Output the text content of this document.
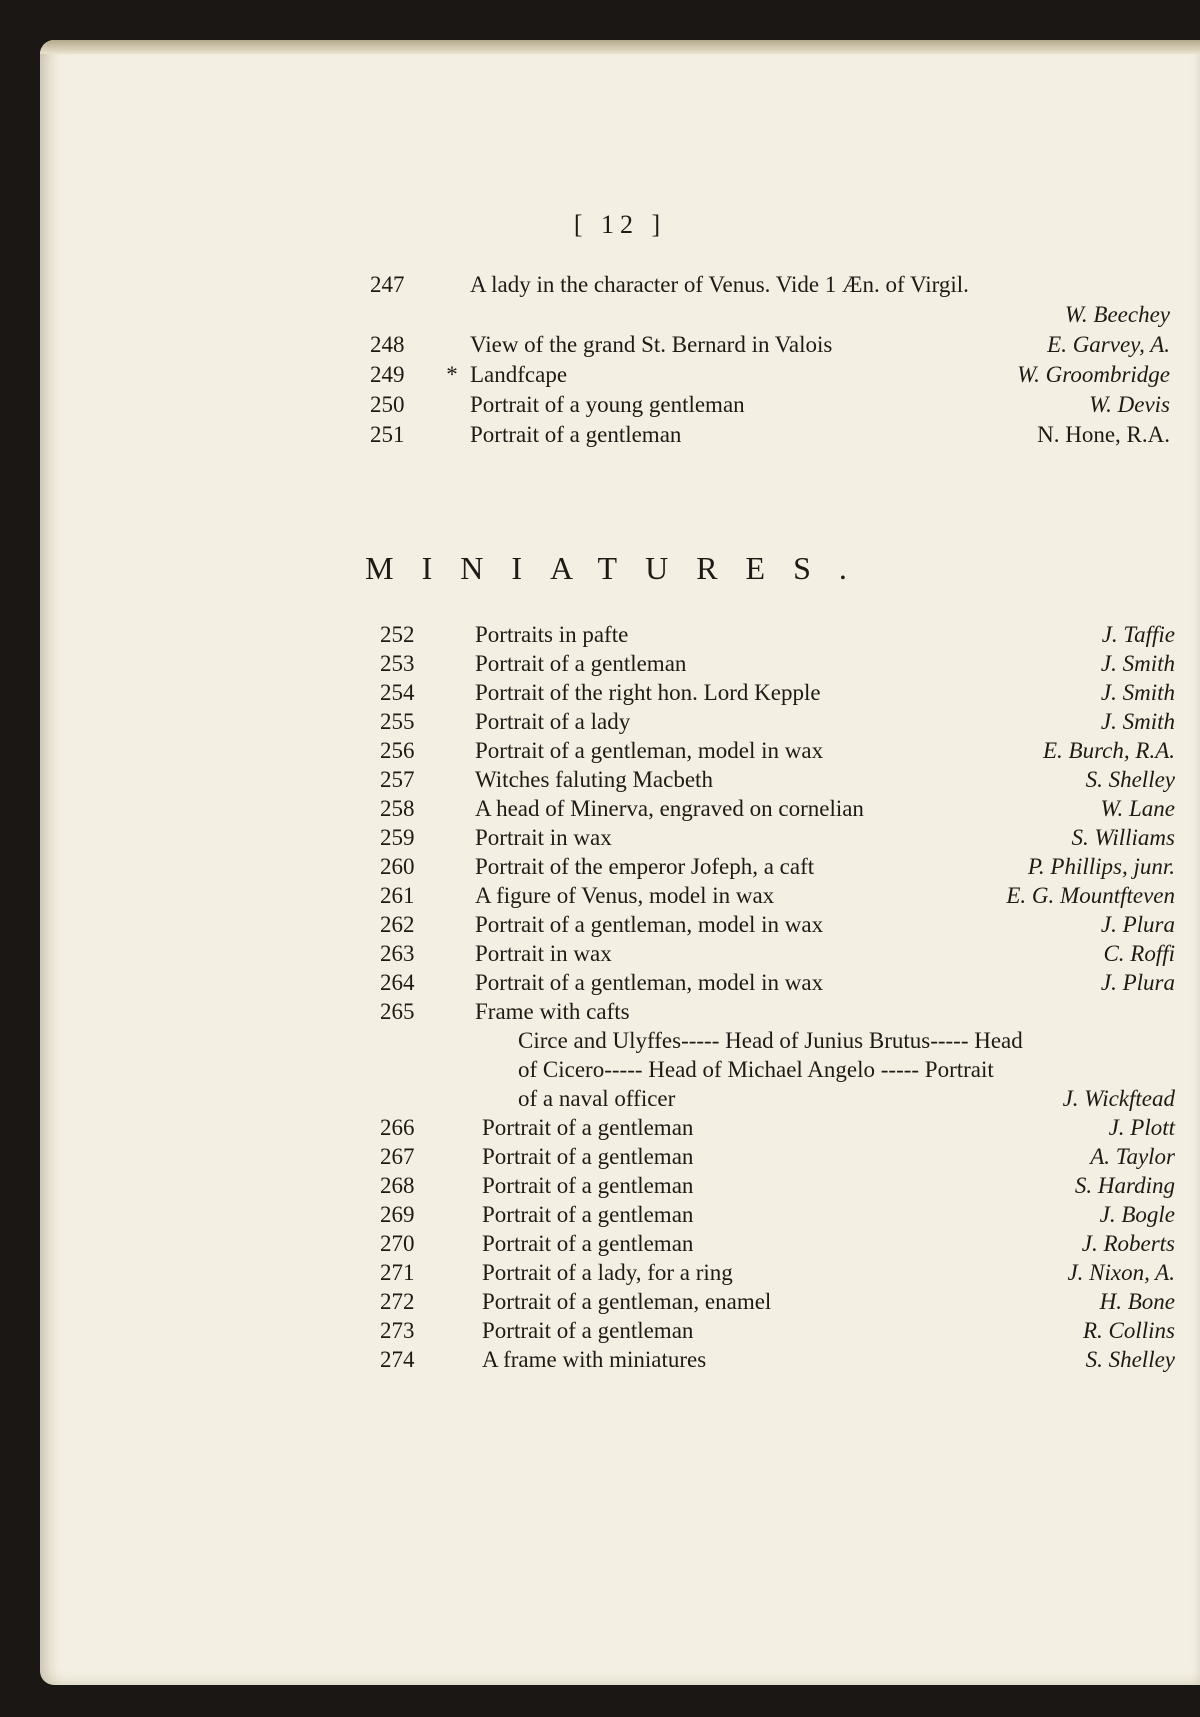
[ 12 ]
247	A lady in the character of Venus. Vide 1 Æn. of Virgil.
W. Beechey
248	View of the grand St. Bernard in Valois	E. Garvey, A.
249	* Landfcape	W. Groombridge
250	Portrait of a young gentleman	W. Devis
251	Portrait of a gentleman	N. Hone, R.A.
MINIATURES.
252	Portraits in pafte	J. Taffie
253	Portrait of a gentleman	J. Smith
254	Portrait of the right hon. Lord Kepple	J. Smith
255	Portrait of a lady	J. Smith
256	Portrait of a gentleman, model in wax	E. Burch, R.A.
257	Witches faluting Macbeth	S. Shelley
258	A head of Minerva, engraved on cornelian	W. Lane
259	Portrait in wax	S. Williams
260	Portrait of the emperor Jofeph, a caft	P. Phillips, junr.
261	A figure of Venus, model in wax	E. G. Mountfteven
262	Portrait of a gentleman, model in wax	J. Plura
263	Portrait in wax	C. Roffi
264	Portrait of a gentleman, model in wax	J. Plura
265	Frame with cafts
Circe and Ulyffes----- Head of Junius Brutus----- Head
of Cicero----- Head of Michael Angelo ----- Portrait
of a naval officer	J. Wickftead
266	Portrait of a gentleman	J. Plott
267	Portrait of a gentleman	A. Taylor
268	Portrait of a gentleman	S. Harding
269	Portrait of a gentleman	J. Bogle
270	Portrait of a gentleman	J. Roberts
271	Portrait of a lady, for a ring	J. Nixon, A.
272	Portrait of a gentleman, enamel	H. Bone
273	Portrait of a gentleman	R. Collins
274	A frame with miniatures	S. Shelley
